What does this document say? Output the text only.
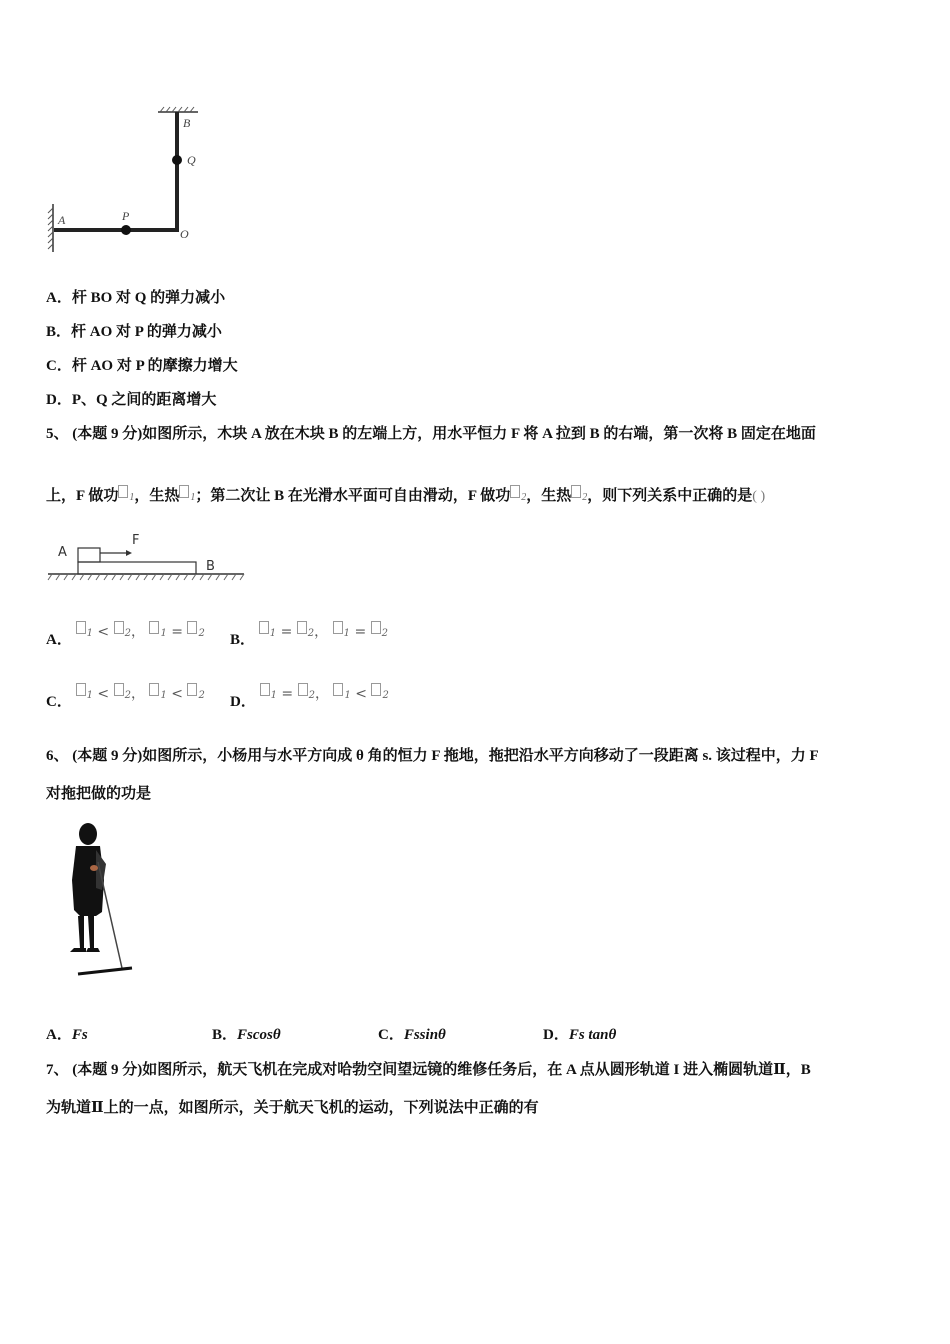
B
Q
A	P
O
A．杆 BO 对 Q 的弹力减小
B．杆 AO 对 P 的弹力减小
C．杆 AO 对 P 的摩擦力增大
D．P、Q 之间的距离增大
5、 (本题 9 分)如图所示，木块 A 放在木块 B 的左端上方，用水平恒力 F 将 A 拉到 B 的右端，第一次将 B 固定在地面
上，F 做功 1，生热 1；第二次让 B 在光滑水平面可自由滑动，F 做功 2，生热 2，则下列关系中正确的是( )
A
F
B
A． 1 < 2， 1 = 2 B． 1 = 2， 1 = 2
C． 1 < 2， 1 < 2 D． 1 = 2， 1 < 2
6、 (本题 9 分)如图所示，小杨用与水平方向成 θ 角的恒力 F 拖地，拖把沿水平方向移动了一段距离 s. 该过程中，力 F
对拖把做的功是
A．Fs	B．Fscosθ	C．Fssinθ	D．Fs tanθ
7、 (本题 9 分)如图所示，航天飞机在完成对哈勃空间望远镜的维修任务后，在 A 点从圆形轨道 I 进入椭圆轨道Ⅱ，B
为轨道Ⅱ上的一点，如图所示，关于航天飞机的运动，下列说法中正确的有
